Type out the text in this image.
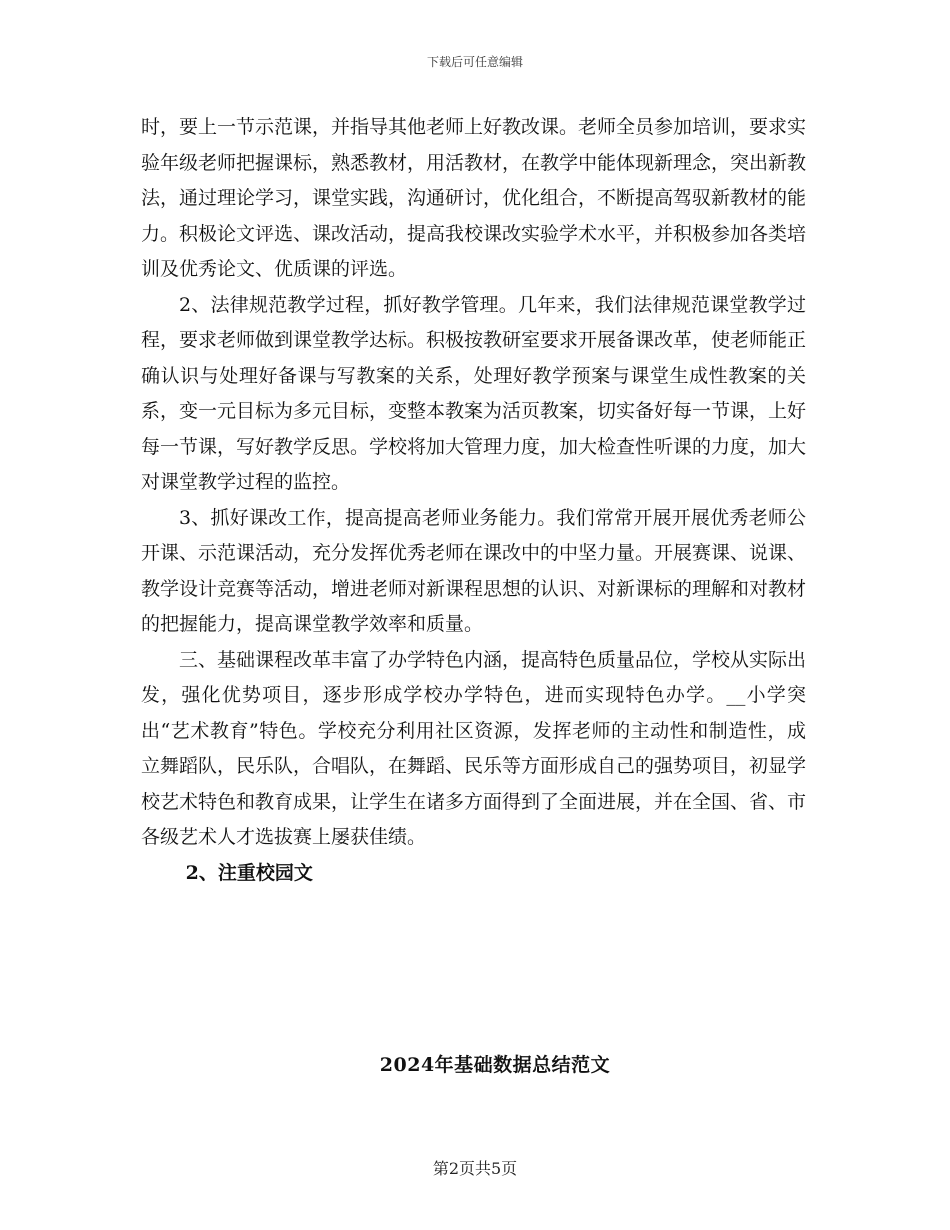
下载后可任意编辑

时，要上一节示范课，并指导其他老师上好教改课。老师全员参加培训，要求实验年级老师把握课标，熟悉教材，用活教材，在教学中能体现新理念，突出新教法，通过理论学习，课堂实践，沟通研讨，优化组合，不断提高驾驭新教材的能力。积极论文评选、课改活动，提高我校课改实验学术水平，并积极参加各类培训及优秀论文、优质课的评选。

2、法律规范教学过程，抓好教学管理。几年来，我们法律规范课堂教学过程，要求老师做到课堂教学达标。积极按教研室要求开展备课改革，使老师能正确认识与处理好备课与写教案的关系，处理好教学预案与课堂生成性教案的关系，变一元目标为多元目标，变整本教案为活页教案，切实备好每一节课，上好每一节课，写好教学反思。学校将加大管理力度，加大检查性听课的力度，加大对课堂教学过程的监控。

3、抓好课改工作，提高提高老师业务能力。我们常常开展开展优秀老师公开课、示范课活动，充分发挥优秀老师在课改中的中坚力量。开展赛课、说课、教学设计竞赛等活动，增进老师对新课程思想的认识、对新课标的理解和对教材的把握能力，提高课堂教学效率和质量。

三、基础课程改革丰富了办学特色内涵，提高特色质量品位，学校从实际出发，强化优势项目，逐步形成学校办学特色，进而实现特色办学。__小学突出“艺术教育”特色。学校充分利用社区资源，发挥老师的主动性和制造性，成立舞蹈队，民乐队，合唱队，在舞蹈、民乐等方面形成自己的强势项目，初显学校艺术特色和教育成果，让学生在诸多方面得到了全面进展，并在全国、省、市各级艺术人才选拔赛上屡获佳绩。

2、注重校园文

2024年基础数据总结范文
第2页共5页
